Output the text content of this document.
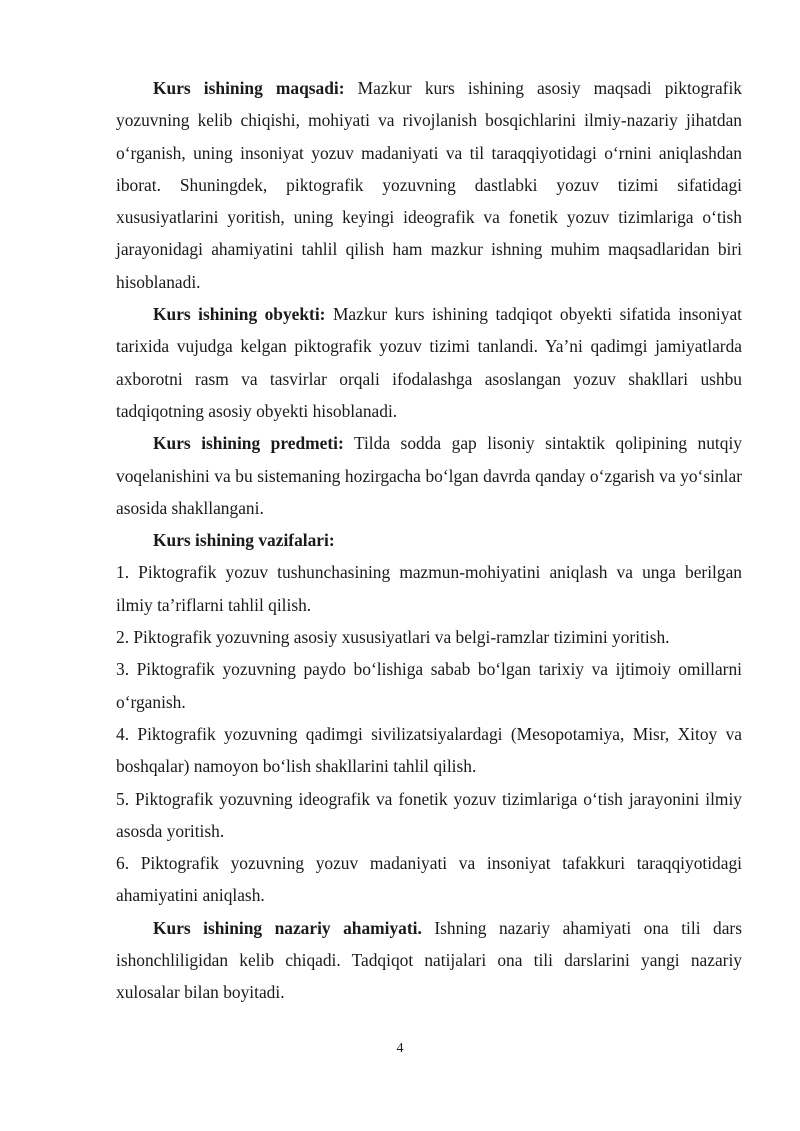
Kurs ishining maqsadi: Mazkur kurs ishining asosiy maqsadi piktografik yozuvning kelib chiqishi, mohiyati va rivojlanish bosqichlarini ilmiy-nazariy jihatdan o‘rganish, uning insoniyat yozuv madaniyati va til taraqqiyotidagi o‘rnini aniqlashdan iborat. Shuningdek, piktografik yozuvning dastlabki yozuv tizimi sifatidagi xususiyatlarini yoritish, uning keyingi ideografik va fonetik yozuv tizimlariga o‘tish jarayonidagi ahamiyatini tahlil qilish ham mazkur ishning muhim maqsadlaridan biri hisoblanadi.

Kurs ishining obyekti: Mazkur kurs ishining tadqiqot obyekti sifatida insoniyat tarixida vujudga kelgan piktografik yozuv tizimi tanlandi. Ya’ni qadimgi jamiyatlarda axborotni rasm va tasvirlar orqali ifodalashga asoslangan yozuv shakllari ushbu tadqiqotning asosiy obyekti hisoblanadi.

Kurs ishining predmeti: Tilda sodda gap lisoniy sintaktik qolipining nutqiy voqelanishini va bu sistemaning hozirgacha bo‘lgan davrda qanday o‘zgarish va yo‘sinlar asosida shakllangani.

Kurs ishining vazifalari:

1. Piktografik yozuv tushunchasining mazmun-mohiyatini aniqlash va unga berilgan ilmiy ta’riflarni tahlil qilish.

2. Piktografik yozuvning asosiy xususiyatlari va belgi-ramzlar tizimini yoritish.

3. Piktografik yozuvning paydo bo‘lishiga sabab bo‘lgan tarixiy va ijtimoiy omillarni o‘rganish.

4. Piktografik yozuvning qadimgi sivilizatsiyalardagi (Mesopotamiya, Misr, Xitoy va boshqalar) namoyon bo‘lish shakllarini tahlil qilish.

5. Piktografik yozuvning ideografik va fonetik yozuv tizimlariga o‘tish jarayonini ilmiy asosda yoritish.

6. Piktografik yozuvning yozuv madaniyati va insoniyat tafakkuri taraqqiyotidagi ahamiyatini aniqlash.

Kurs ishining nazariy ahamiyati. Ishning nazariy ahamiyati ona tili dars ishonchliligidan kelib chiqadi. Tadqiqot natijalari ona tili darslarini yangi nazariy xulosalar bilan boyitadi.

4
